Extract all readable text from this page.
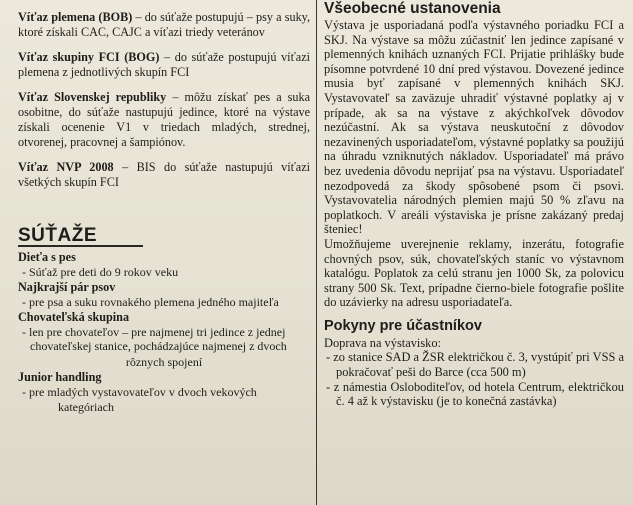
Víťaz plemena (BOB) – do súťaže postupujú – psy a suky, ktoré získali CAC, CAJC a víťazi triedy veteránov

Víťaz skupiny FCI (BOG) – do súťaže postupujú víťazi plemena z jednotlivých skupín FCI

Víťaz Slovenskej republiky – môžu získať pes a suka osobitne, do súťaže nastupujú jedince, ktoré na výstave získali ocenenie V1 v triedach mladých, strednej, otvorenej, pracovnej a šampiónov.

Víťaz NVP 2008 – BIS do súťaže nastupujú víťazi všetkých skupín FCI

SÚŤAŽE
Dieťa s pes
- Súťaž pre deti do 9 rokov veku
Najkrajší pár psov
- pre psa a suku rovnakého plemena jedného majiteľa
Chovateľská skupina
- len pre chovateľov – pre najmenej tri jedince z jednej chovateľskej stanice, pochádzajúce najmenej z dvoch
rôznych spojení
Junior handling
- pre mladých vystavovateľov v dvoch vekových
kategóriach
Všeobecné ustanovenia

Výstava je usporiadaná podľa výstavného poriadku FCI a SKJ. Na výstave sa môžu zúčastniť len jedince zapísané v plemenných knihách uznaných FCI. Prijatie prihlášky bude písomne potvrdené 10 dní pred výstavou. Dovezené jedince musia byť zapísané v plemenných knihách SKJ. Vystavovateľ sa zaväzuje uhradiť výstavné poplatky aj v prípade, ak sa na výstave z akýchkoľvek dôvodov nezúčastní. Ak sa výstava neuskutoční z dôvodov nezavinených usporiadateľom, výstavné poplatky sa použijú na úhradu vzniknutých nákladov. Usporiadateľ má právo bez uvedenia dôvodu neprijať psa na výstavu. Usporiadateľ nezodpovedá za škody spôsobené psom či psovi. Vystavovatelia národných plemien majú 50 % zľavu na poplatkoch. V areáli výstaviska je prísne zakázaný predaj šteniec!

Umožňujeme uverejnenie reklamy, inzerátu, fotografie chovných psov, súk, chovateľských staníc vo výstavnom katalógu. Poplatok za celú stranu jen 1000 Sk, za polovicu strany 500 Sk. Text, prípadne čierno-biele fotografie pošlite do uzávierky na adresu usporiadateľa.

Pokyny pre účastníkov

Doprava na výstavisko:

- zo stanice SAD a ŽSR električkou č. 3, vystúpiť pri VSS a pokračovať peši do Barce (cca 500 m)

- z námestia Osloboditeľov, od hotela Centrum, električkou č. 4 až k výstavisku (je to konečná zastávka)
